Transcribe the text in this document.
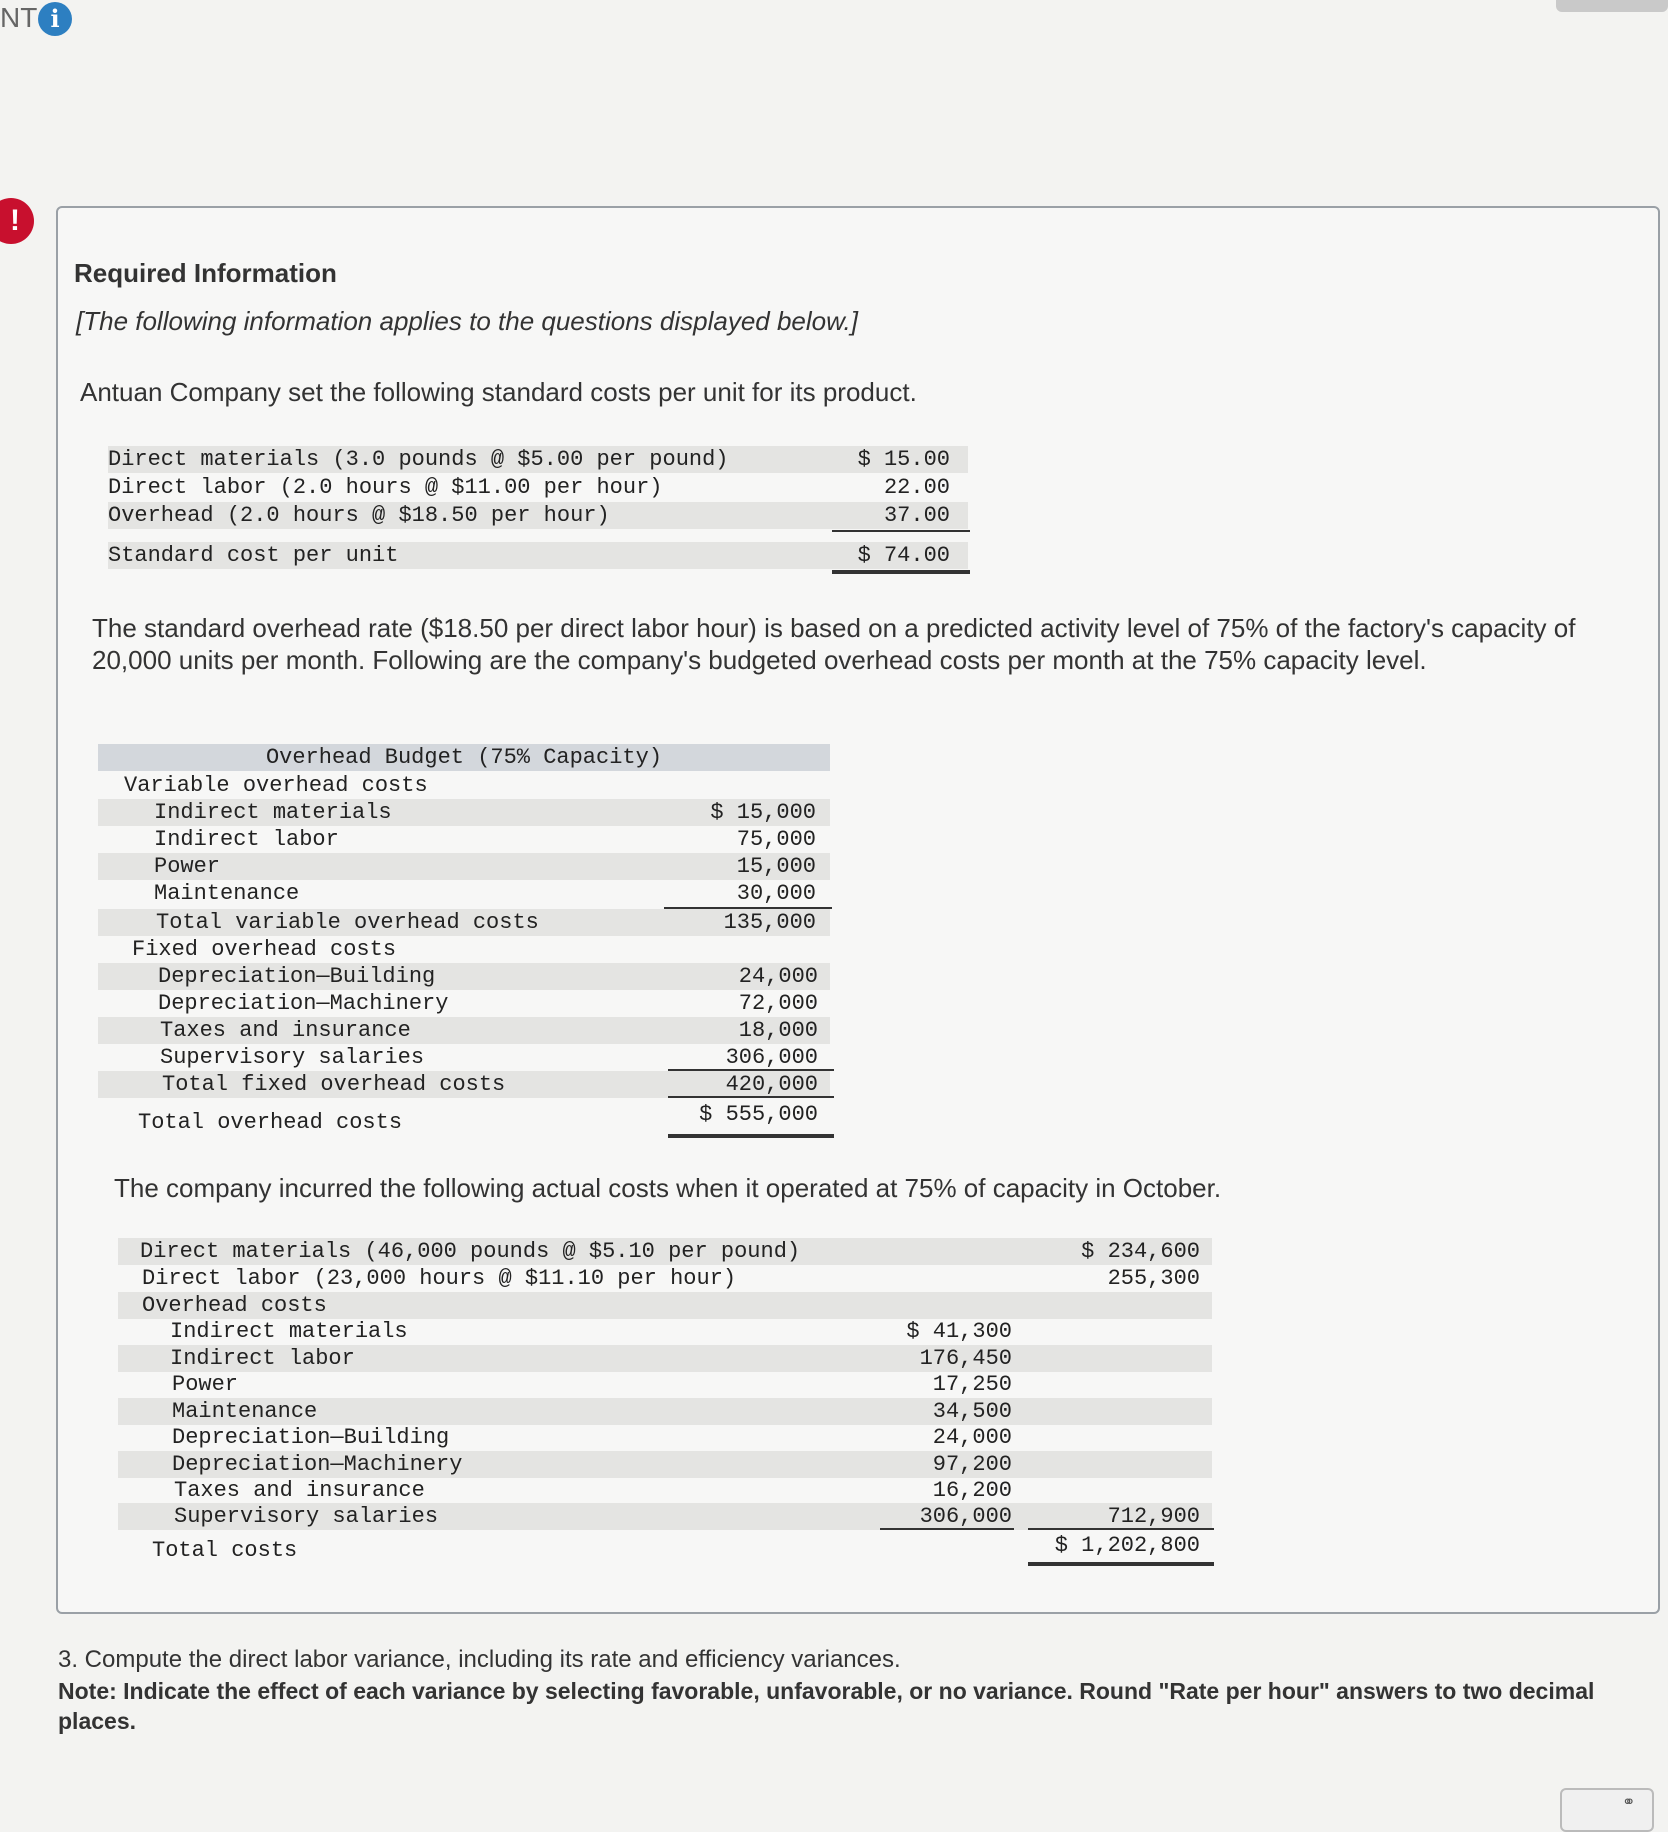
NT i
!
Required Information
[The following information applies to the questions displayed below.]
Antuan Company set the following standard costs per unit for its product.
Direct materials (3.0 pounds @ $5.00 per pound)	$ 15.00
Direct labor (2.0 hours @ $11.00 per hour)	22.00
Overhead (2.0 hours @ $18.50 per hour)	37.00
Standard cost per unit	$ 74.00
The standard overhead rate ($18.50 per direct labor hour) is based on a predicted activity level of 75% of the factory's capacity of 20,000 units per month. Following are the company's budgeted overhead costs per month at the 75% capacity level.
Overhead Budget (75% Capacity)
Variable overhead costs
Indirect materials	$ 15,000
Indirect labor	75,000
Power	15,000
Maintenance	30,000
Total variable overhead costs	135,000
Fixed overhead costs
Depreciation—Building	24,000
Depreciation—Machinery	72,000
Taxes and insurance	18,000
Supervisory salaries	306,000
Total fixed overhead costs	420,000
Total overhead costs	$ 555,000
The company incurred the following actual costs when it operated at 75% of capacity in October.
Direct materials (46,000 pounds @ $5.10 per pound)	$ 234,600
Direct labor (23,000 hours @ $11.10 per hour)	255,300
Overhead costs
Indirect materials	$ 41,300
Indirect labor	176,450
Power	17,250
Maintenance	34,500
Depreciation—Building	24,000
Depreciation—Machinery	97,200
Taxes and insurance	16,200
Supervisory salaries	306,000	712,900
Total costs	$ 1,202,800
3. Compute the direct labor variance, including its rate and efficiency variances.
Note: Indicate the effect of each variance by selecting favorable, unfavorable, or no variance. Round "Rate per hour" answers to two decimal places.
⚭
